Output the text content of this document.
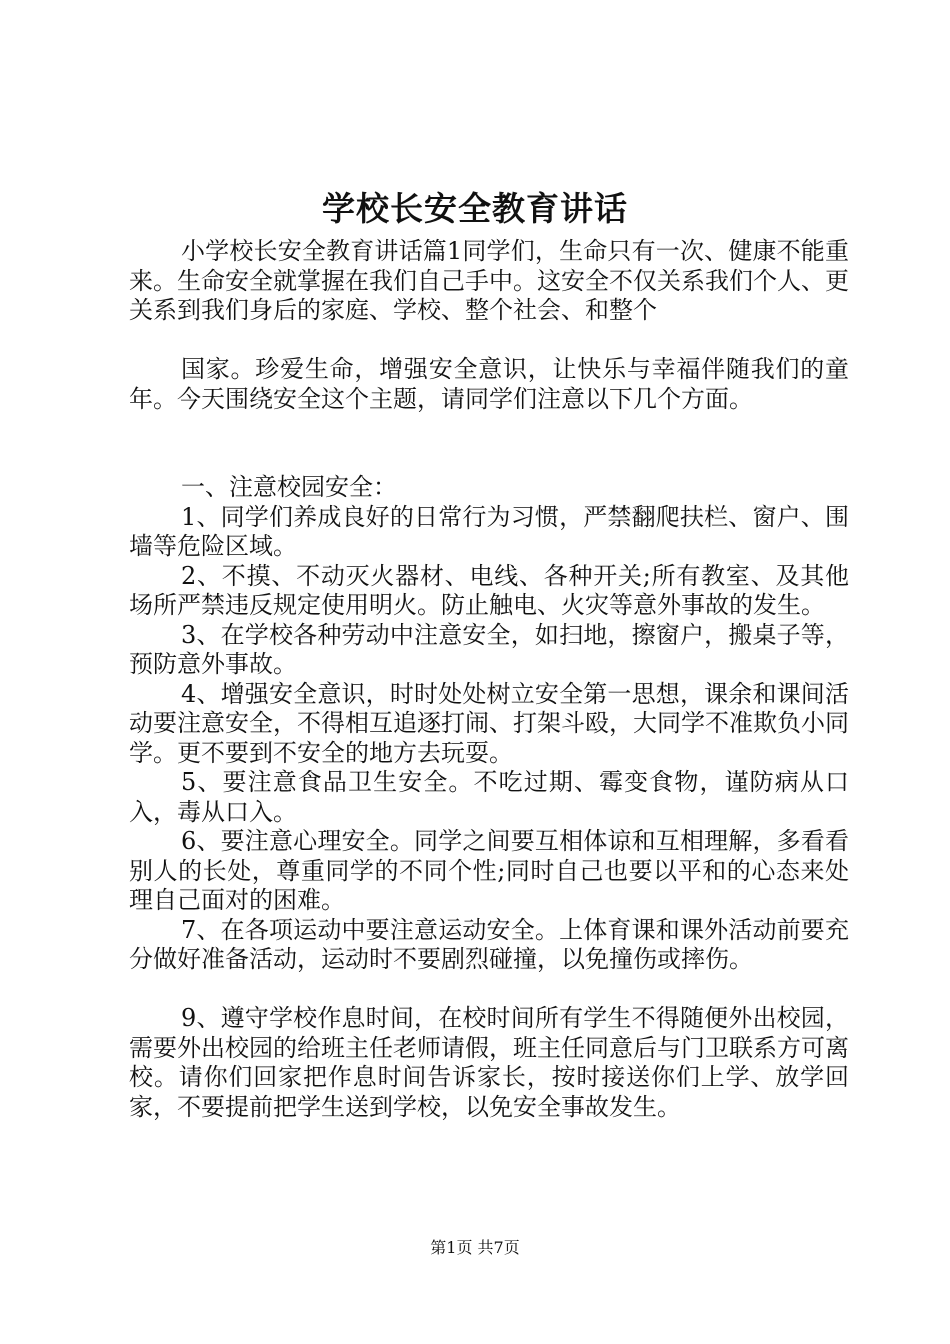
学校长安全教育讲话

小学校长安全教育讲话篇1同学们，生命只有一次、健康不能重来。生命安全就掌握在我们自己手中。这安全不仅关系我们个人、更关系到我们身后的家庭、学校、整个社会、和整个

国家。珍爱生命，增强安全意识，让快乐与幸福伴随我们的童年。今天围绕安全这个主题，请同学们注意以下几个方面。

一、注意校园安全：

1、同学们养成良好的日常行为习惯，严禁翻爬扶栏、窗户、围墙等危险区域。

2、不摸、不动灭火器材、电线、各种开关;所有教室、及其他场所严禁违反规定使用明火。防止触电、火灾等意外事故的发生。

3、在学校各种劳动中注意安全，如扫地，擦窗户，搬桌子等，预防意外事故。

4、增强安全意识，时时处处树立安全第一思想，课余和课间活动要注意安全，不得相互追逐打闹、打架斗殴，大同学不准欺负小同学。更不要到不安全的地方去玩耍。

5、要注意食品卫生安全。不吃过期、霉变食物，谨防病从口入，毒从口入。

6、要注意心理安全。同学之间要互相体谅和互相理解，多看看别人的长处，尊重同学的不同个性;同时自己也要以平和的心态来处理自己面对的困难。

7、在各项运动中要注意运动安全。上体育课和课外活动前要充分做好准备活动，运动时不要剧烈碰撞，以免撞伤或摔伤。

9、遵守学校作息时间，在校时间所有学生不得随便外出校园，需要外出校园的给班主任老师请假，班主任同意后与门卫联系方可离校。请你们回家把作息时间告诉家长，按时接送你们上学、放学回家，不要提前把学生送到学校，以免安全事故发生。

第1页 共7页
